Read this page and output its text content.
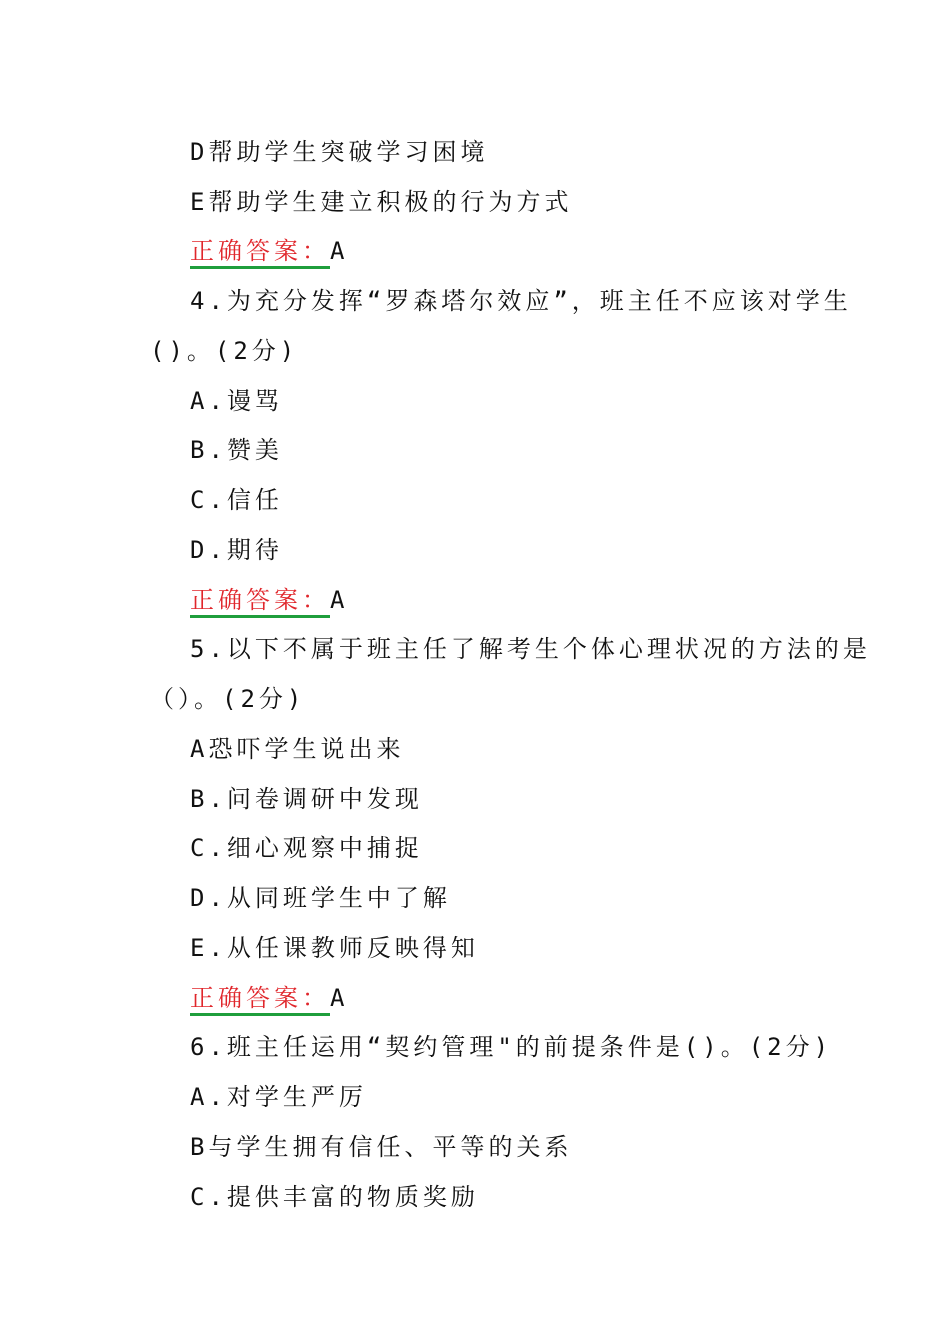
D帮助学生突破学习困境
E帮助学生建立积极的行为方式
正确答案：A
4.为充分发挥“罗森塔尔效应”，班主任不应该对学生
()。(2分)
A.谩骂
B.赞美
C.信任
D.期待
正确答案：A
5.以下不属于班主任了解考生个体心理状况的方法的是
（）。(2分)
A恐吓学生说出来
B.问卷调研中发现
C.细心观察中捕捉
D.从同班学生中了解
E.从任课教师反映得知
正确答案：A
6.班主任运用“契约管理"的前提条件是()。(2分)
A.对学生严厉
B与学生拥有信任、平等的关系
C.提供丰富的物质奖励
